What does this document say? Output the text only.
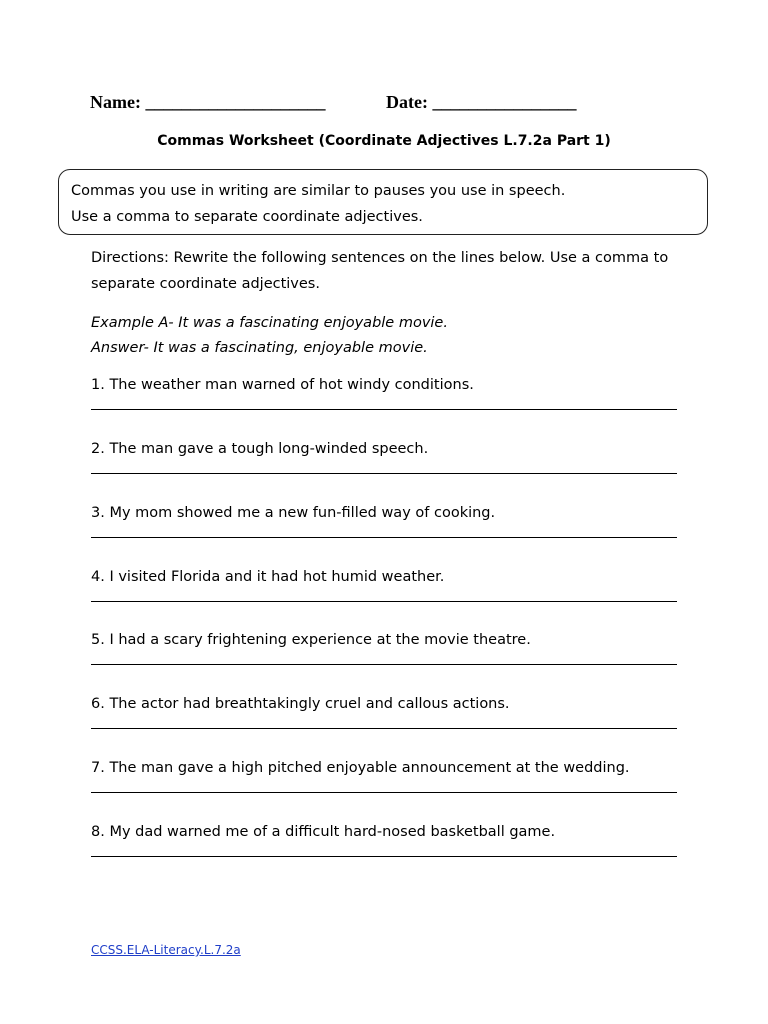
Name: ____________________	Date: ________________
Commas Worksheet (Coordinate Adjectives L.7.2a Part 1)
Commas you use in writing are similar to pauses you use in speech.
Use a comma to separate coordinate adjectives.
Directions: Rewrite the following sentences on the lines below. Use a comma to
separate coordinate adjectives.
Example A- It was a fascinating enjoyable movie.
Answer- It was a fascinating, enjoyable movie.
1. The weather man warned of hot windy conditions.
2. The man gave a tough long-winded speech.
3. My mom showed me a new fun-filled way of cooking.
4. I visited Florida and it had hot humid weather.
5. I had a scary frightening experience at the movie theatre.
6. The actor had breathtakingly cruel and callous actions.
7. The man gave a high pitched enjoyable announcement at the wedding.
8. My dad warned me of a difficult hard-nosed basketball game.
CCSS.ELA-Literacy.L.7.2a
